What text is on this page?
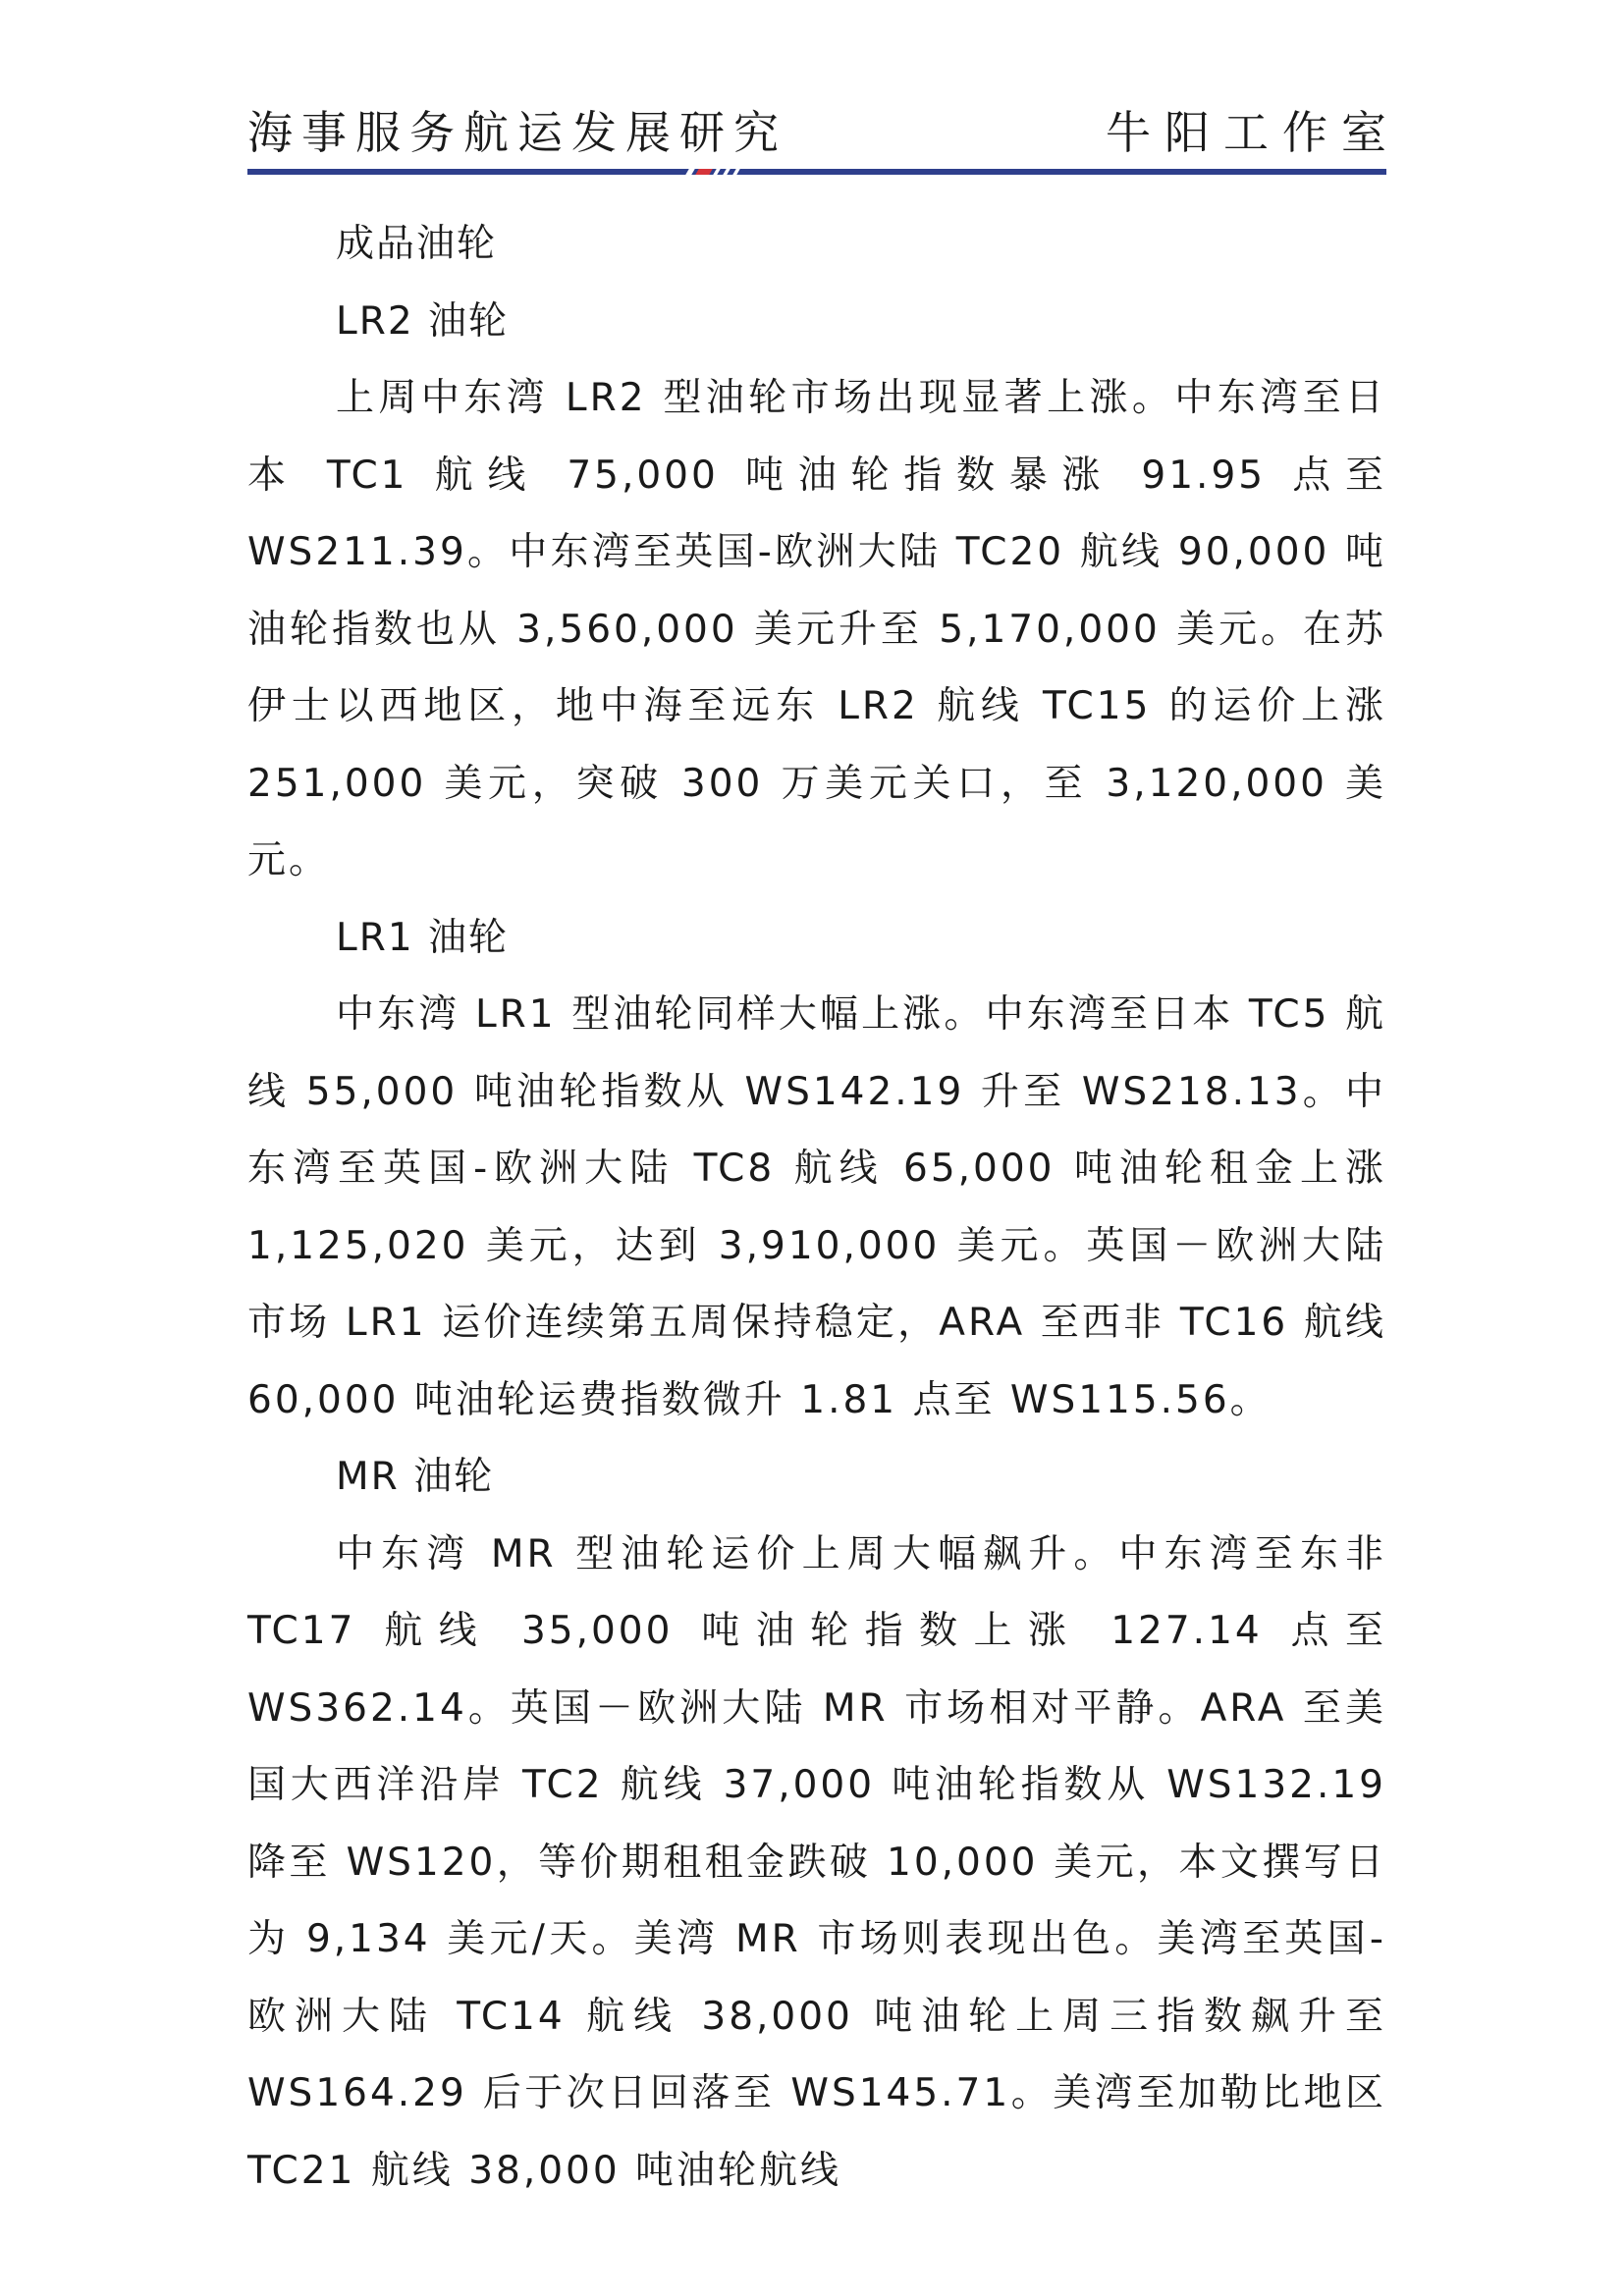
海事服务航运发展研究	牛阳工作室

成品油轮

LR2 油轮

上周中东湾 LR2 型油轮市场出现显著上涨。中东湾至日本 TC1 航线 75,000 吨油轮指数暴涨 91.95 点至 WS211.39。中东湾至英国-欧洲大陆 TC20 航线 90,000 吨油轮指数也从 3,560,000 美元升至 5,170,000 美元。在苏伊士以西地区，地中海至远东 LR2 航线 TC15 的运价上涨 251,000 美元，突破 300 万美元关口，至 3,120,000 美元。

LR1 油轮

中东湾 LR1 型油轮同样大幅上涨。中东湾至日本 TC5 航线 55,000 吨油轮指数从 WS142.19 升至 WS218.13。中东湾至英国-欧洲大陆 TC8 航线 65,000 吨油轮租金上涨 1,125,020 美元，达到 3,910,000 美元。英国－欧洲大陆市场 LR1 运价连续第五周保持稳定，ARA 至西非 TC16 航线 60,000 吨油轮运费指数微升 1.81 点至 WS115.56。

MR 油轮

中东湾 MR 型油轮运价上周大幅飙升。中东湾至东非 TC17 航线 35,000 吨油轮指数上涨 127.14 点至 WS362.14。英国－欧洲大陆 MR 市场相对平静。ARA 至美国大西洋沿岸 TC2 航线 37,000 吨油轮指数从 WS132.19 降至 WS120，等价期租租金跌破 10,000 美元，本文撰写日为 9,134 美元/天。美湾 MR 市场则表现出色。美湾至英国-欧洲大陆 TC14 航线 38,000 吨油轮上周三指数飙升至 WS164.29 后于次日回落至 WS145.71。美湾至加勒比地区 TC21 航线 38,000 吨油轮航线
